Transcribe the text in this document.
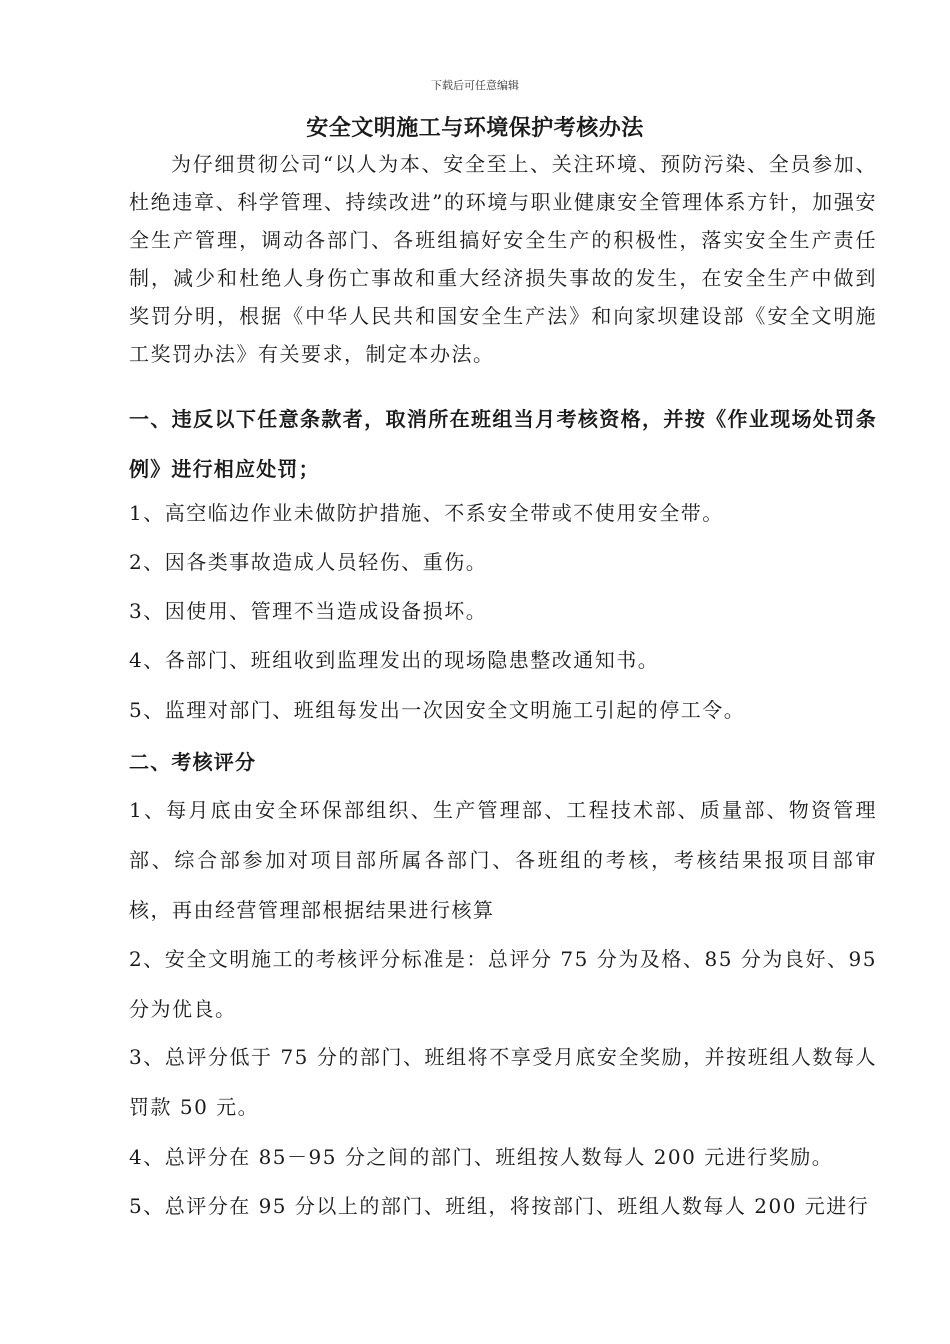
下载后可任意编辑
安全文明施工与环境保护考核办法

为仔细贯彻公司“以人为本、安全至上、关注环境、预防污染、全员参加、杜绝违章、科学管理、持续改进”的环境与职业健康安全管理体系方针，加强安全生产管理，调动各部门、各班组搞好安全生产的积极性，落实安全生产责任制，减少和杜绝人身伤亡事故和重大经济损失事故的发生，在安全生产中做到奖罚分明，根据《中华人民共和国安全生产法》和向家坝建设部《安全文明施工奖罚办法》有关要求，制定本办法。

一、违反以下任意条款者，取消所在班组当月考核资格，并按《作业现场处罚条例》进行相应处罚；
1、高空临边作业未做防护措施、不系安全带或不使用安全带。
2、因各类事故造成人员轻伤、重伤。
3、因使用、管理不当造成设备损坏。
4、各部门、班组收到监理发出的现场隐患整改通知书。
5、监理对部门、班组每发出一次因安全文明施工引起的停工令。
二、考核评分
1、每月底由安全环保部组织、生产管理部、工程技术部、质量部、物资管理部、综合部参加对项目部所属各部门、各班组的考核，考核结果报项目部审核，再由经营管理部根据结果进行核算
2、安全文明施工的考核评分标准是：总评分 75 分为及格、85 分为良好、95 分为优良。
3、总评分低于 75 分的部门、班组将不享受月底安全奖励，并按班组人数每人罚款 50 元。
4、总评分在 85－95 分之间的部门、班组按人数每人 200 元进行奖励。
5、总评分在 95 分以上的部门、班组，将按部门、班组人数每人 200 元进行
